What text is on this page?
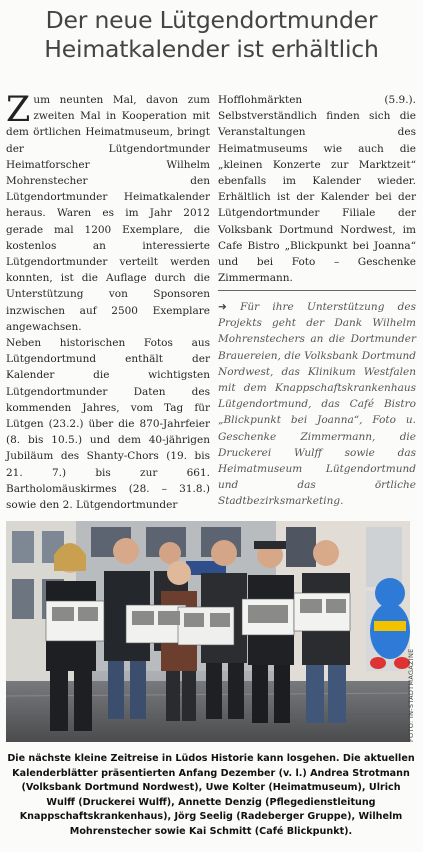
Der neue Lütgendortmunder
Heimatkalender ist erhältlich

Zum neunten Mal, davon zum zweiten Mal in Kooperation mit dem örtlichen Heimatmuseum, bringt der Lütgendortmunder Heimatforscher Wilhelm Mohrenstecher den Lütgendortmunder Heimatkalender heraus. Waren es im Jahr 2012 gerade mal 1200 Exemplare, die kostenlos an interessierte Lütgendortmunder verteilt werden konnten, ist die Auflage durch die Unterstützung von Sponsoren inzwischen auf 2500 Exemplare angewachsen.

Neben historischen Fotos aus Lütgendortmund enthält der Kalender die wichtigsten Lütgendortmunder Daten des kommenden Jahres, vom Tag für Lütgen (23.2.) über die 870-Jahrfeier (8. bis 10.5.) und dem 40-jährigen Jubiläum des Shanty-Chors (19. bis 21. 7.) bis zur 661. Bartholomäuskirmes (28. – 31.8.) sowie den 2. Lütgendortmunder

Hofflohmärkten (5.9.). Selbstverständlich finden sich die Veranstaltungen des Heimatmuseums wie auch die „kleinen Konzerte zur Marktzeit“ ebenfalls im Kalender wieder. Erhältlich ist der Kalender bei der Lütgendortmunder Filiale der Volksbank Dortmund Nordwest, im Cafe Bistro „Blickpunkt bei Joanna“ und bei Foto – Geschenke Zimmermann.

➜ Für ihre Unterstützung des Projekts geht der Dank Wilhelm Mohrenstechers an die Dortmunder Brauereien, die Volksbank Dortmund Nordwest, das Klinikum Westfalen mit dem Knappschaftskrankenhaus Lütgendortmund, das Café Bistro „Blickpunkt bei Joanna“, Foto u. Geschenke Zimmermann, die Druckerei Wulff sowie das Heimatmuseum Lütgendortmund und das örtliche Stadtbezirksmarketing.
FOTO: IN-STADTMAGAZINE
Die nächste kleine Zeitreise in Lüdos Historie kann losgehen. Die aktuellen Kalenderblätter präsentierten Anfang Dezember (v. l.) Andrea Strotmann (Volksbank Dortmund Nordwest), Uwe Kolter (Heimatmuseum), Ulrich Wulff (Druckerei Wulff), Annette Denzig (Pflegedienstleitung Knappschaftskrankenhaus), Jörg Seelig (Radeberger Gruppe), Wilhelm Mohrenstecher sowie Kai Schmitt (Café Blickpunkt).
